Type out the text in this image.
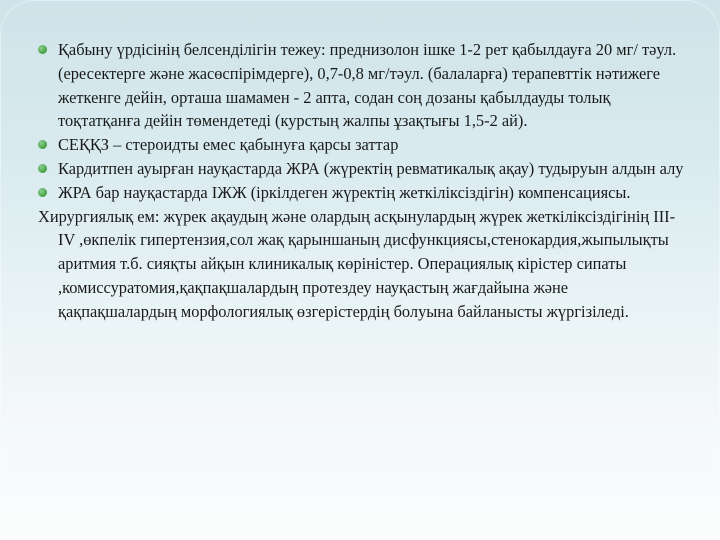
Қабыну үрдісінің белсенділігін тежеу: преднизолон ішке 1-2 рет қабылдауға 20 мг/ тәул. (ересектерге және жасөспірімдерге), 0,7-0,8 мг/тәул. (балаларға) терапевттік нәтижеге жеткенге дейін, орташа шамамен - 2 апта, содан соң дозаны қабылдауды толық тоқтатқанға дейін төмендетеді (курстың жалпы ұзақтығы 1,5-2 ай).
СЕҚҚЗ – стероидты емес қабынуға қарсы заттар
Кардитпен ауырған науқастарда ЖРА (жүректің ревматикалық ақау) тудыруын алдын алу
ЖРА бар науқастарда ІЖЖ (іркілдеген жүректің жеткіліксіздігін) компенсациясы.
Хирургиялық ем: жүрек ақаудың және олардың асқынулардың жүрек жеткіліксіздігінің III-IV ,өкпелік гипертензия,сол жақ қарыншаның дисфункциясы,стенокардия,жыпылықты аритмия т.б. сияқты айқын клиникалық көріністер. Операциялық кірістер сипаты ,комиссуратомия,қақпақшалардың протездеу науқастың жағдайына және қақпақшалардың морфологиялық өзгерістердің болуына байланысты жүргізіледі.
